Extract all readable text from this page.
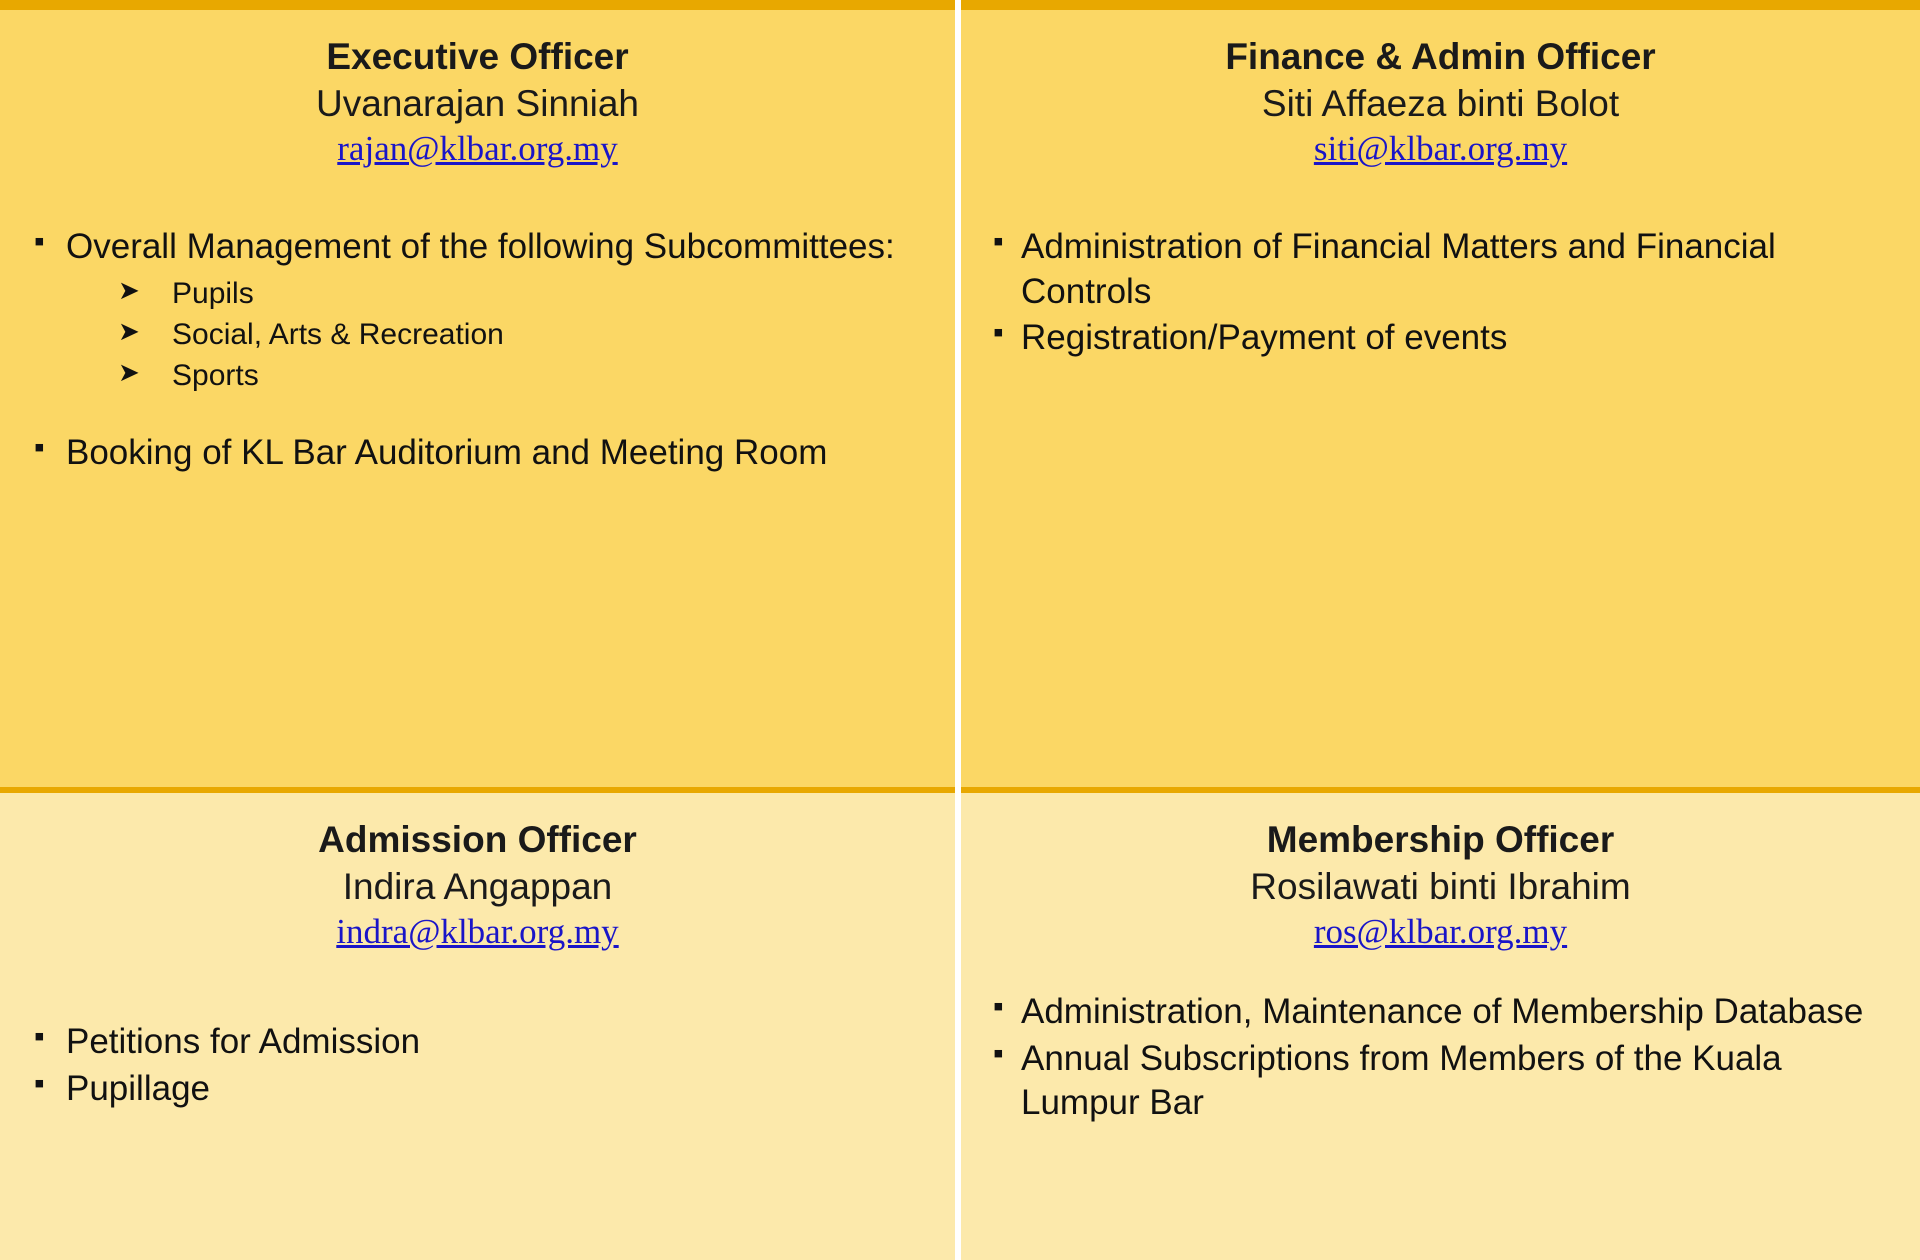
Executive Officer

Uvanarajan Sinniah

rajan@klbar.org.my

▪ Overall Management of the following Subcommittees:
➤ Pupils
➤ Social, Arts & Recreation
➤ Sports
▪ Booking of KL Bar Auditorium and Meeting Room

Finance & Admin Officer

Siti Affaeza binti Bolot

siti@klbar.org.my

▪ Administration of Financial Matters and Financial Controls
▪ Registration/Payment of events

Admission Officer

Indira Angappan

indra@klbar.org.my

▪ Petitions for Admission
▪ Pupillage

Membership Officer

Rosilawati binti Ibrahim

ros@klbar.org.my

▪ Administration, Maintenance of Membership Database
▪ Annual Subscriptions from Members of the Kuala Lumpur Bar
